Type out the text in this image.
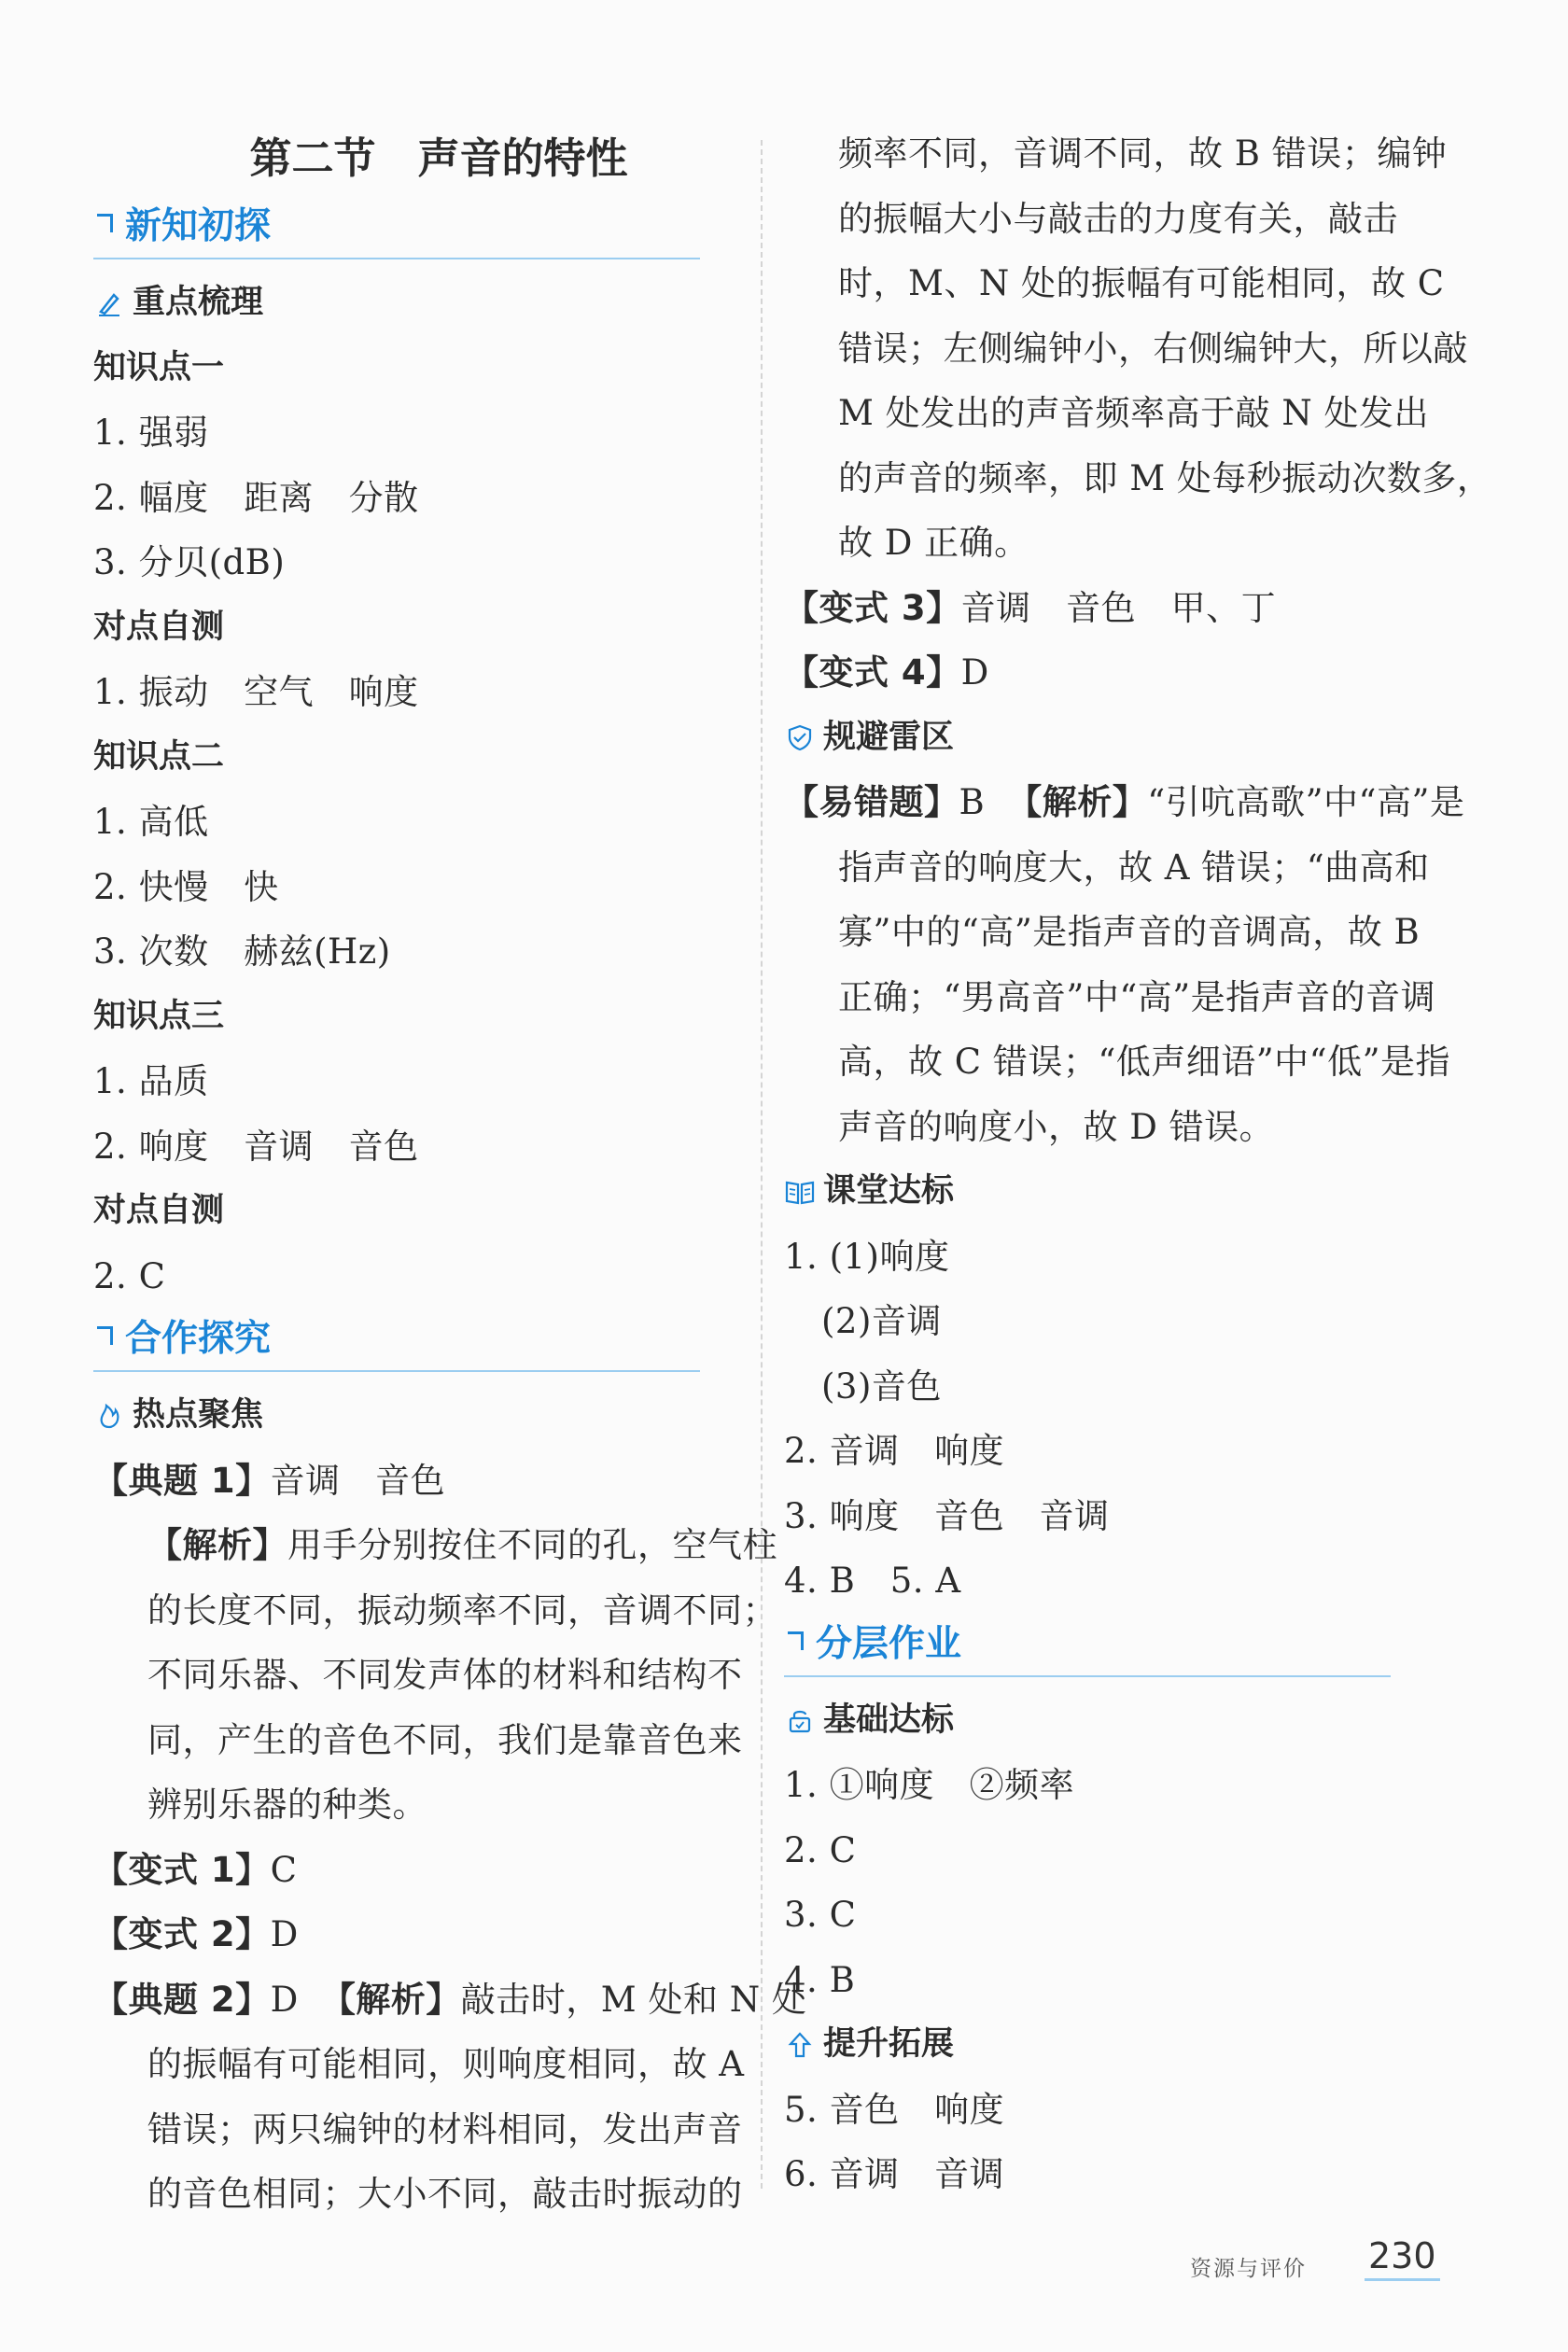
第二节　声音的特性
新知初探
重点梳理
知识点一
1. 强弱
2. 幅度　距离　分散
3. 分贝(dB)
对点自测
1. 振动　空气　响度
知识点二
1. 高低
2. 快慢　快
3. 次数　赫兹(Hz)
知识点三
1. 品质
2. 响度　音调　音色
对点自测
2. C
合作探究
热点聚焦
【典题 1】音调　音色
【解析】用手分别按住不同的孔，空气柱
的长度不同，振动频率不同，音调不同；
不同乐器、不同发声体的材料和结构不
同，产生的音色不同，我们是靠音色来
辨别乐器的种类。
【变式 1】C
【变式 2】D
【典题 2】D 【解析】敲击时，M 处和 N 处
的振幅有可能相同，则响度相同，故 A
错误；两只编钟的材料相同，发出声音
的音色相同；大小不同，敲击时振动的
频率不同，音调不同，故 B 错误；编钟
的振幅大小与敲击的力度有关，敲击
时，M、N 处的振幅有可能相同，故 C
错误；左侧编钟小，右侧编钟大，所以敲
M 处发出的声音频率高于敲 N 处发出
的声音的频率，即 M 处每秒振动次数多，
故 D 正确。
【变式 3】音调　音色　甲、丁
【变式 4】D
规避雷区
【易错题】B 【解析】“引吭高歌”中“高”是
指声音的响度大，故 A 错误；“曲高和
寡”中的“高”是指声音的音调高，故 B
正确；“男高音”中“高”是指声音的音调
高，故 C 错误；“低声细语”中“低”是指
声音的响度小，故 D 错误。
课堂达标
1. (1)响度
(2)音调
(3)音色
2. 音调　响度
3. 响度　音色　音调
4. B　5. A
分层作业
基础达标
1. ①响度　②频率
2. C
3. C
4. B
提升拓展
5. 音色　响度
6. 音调　音调
资源与评价 230
